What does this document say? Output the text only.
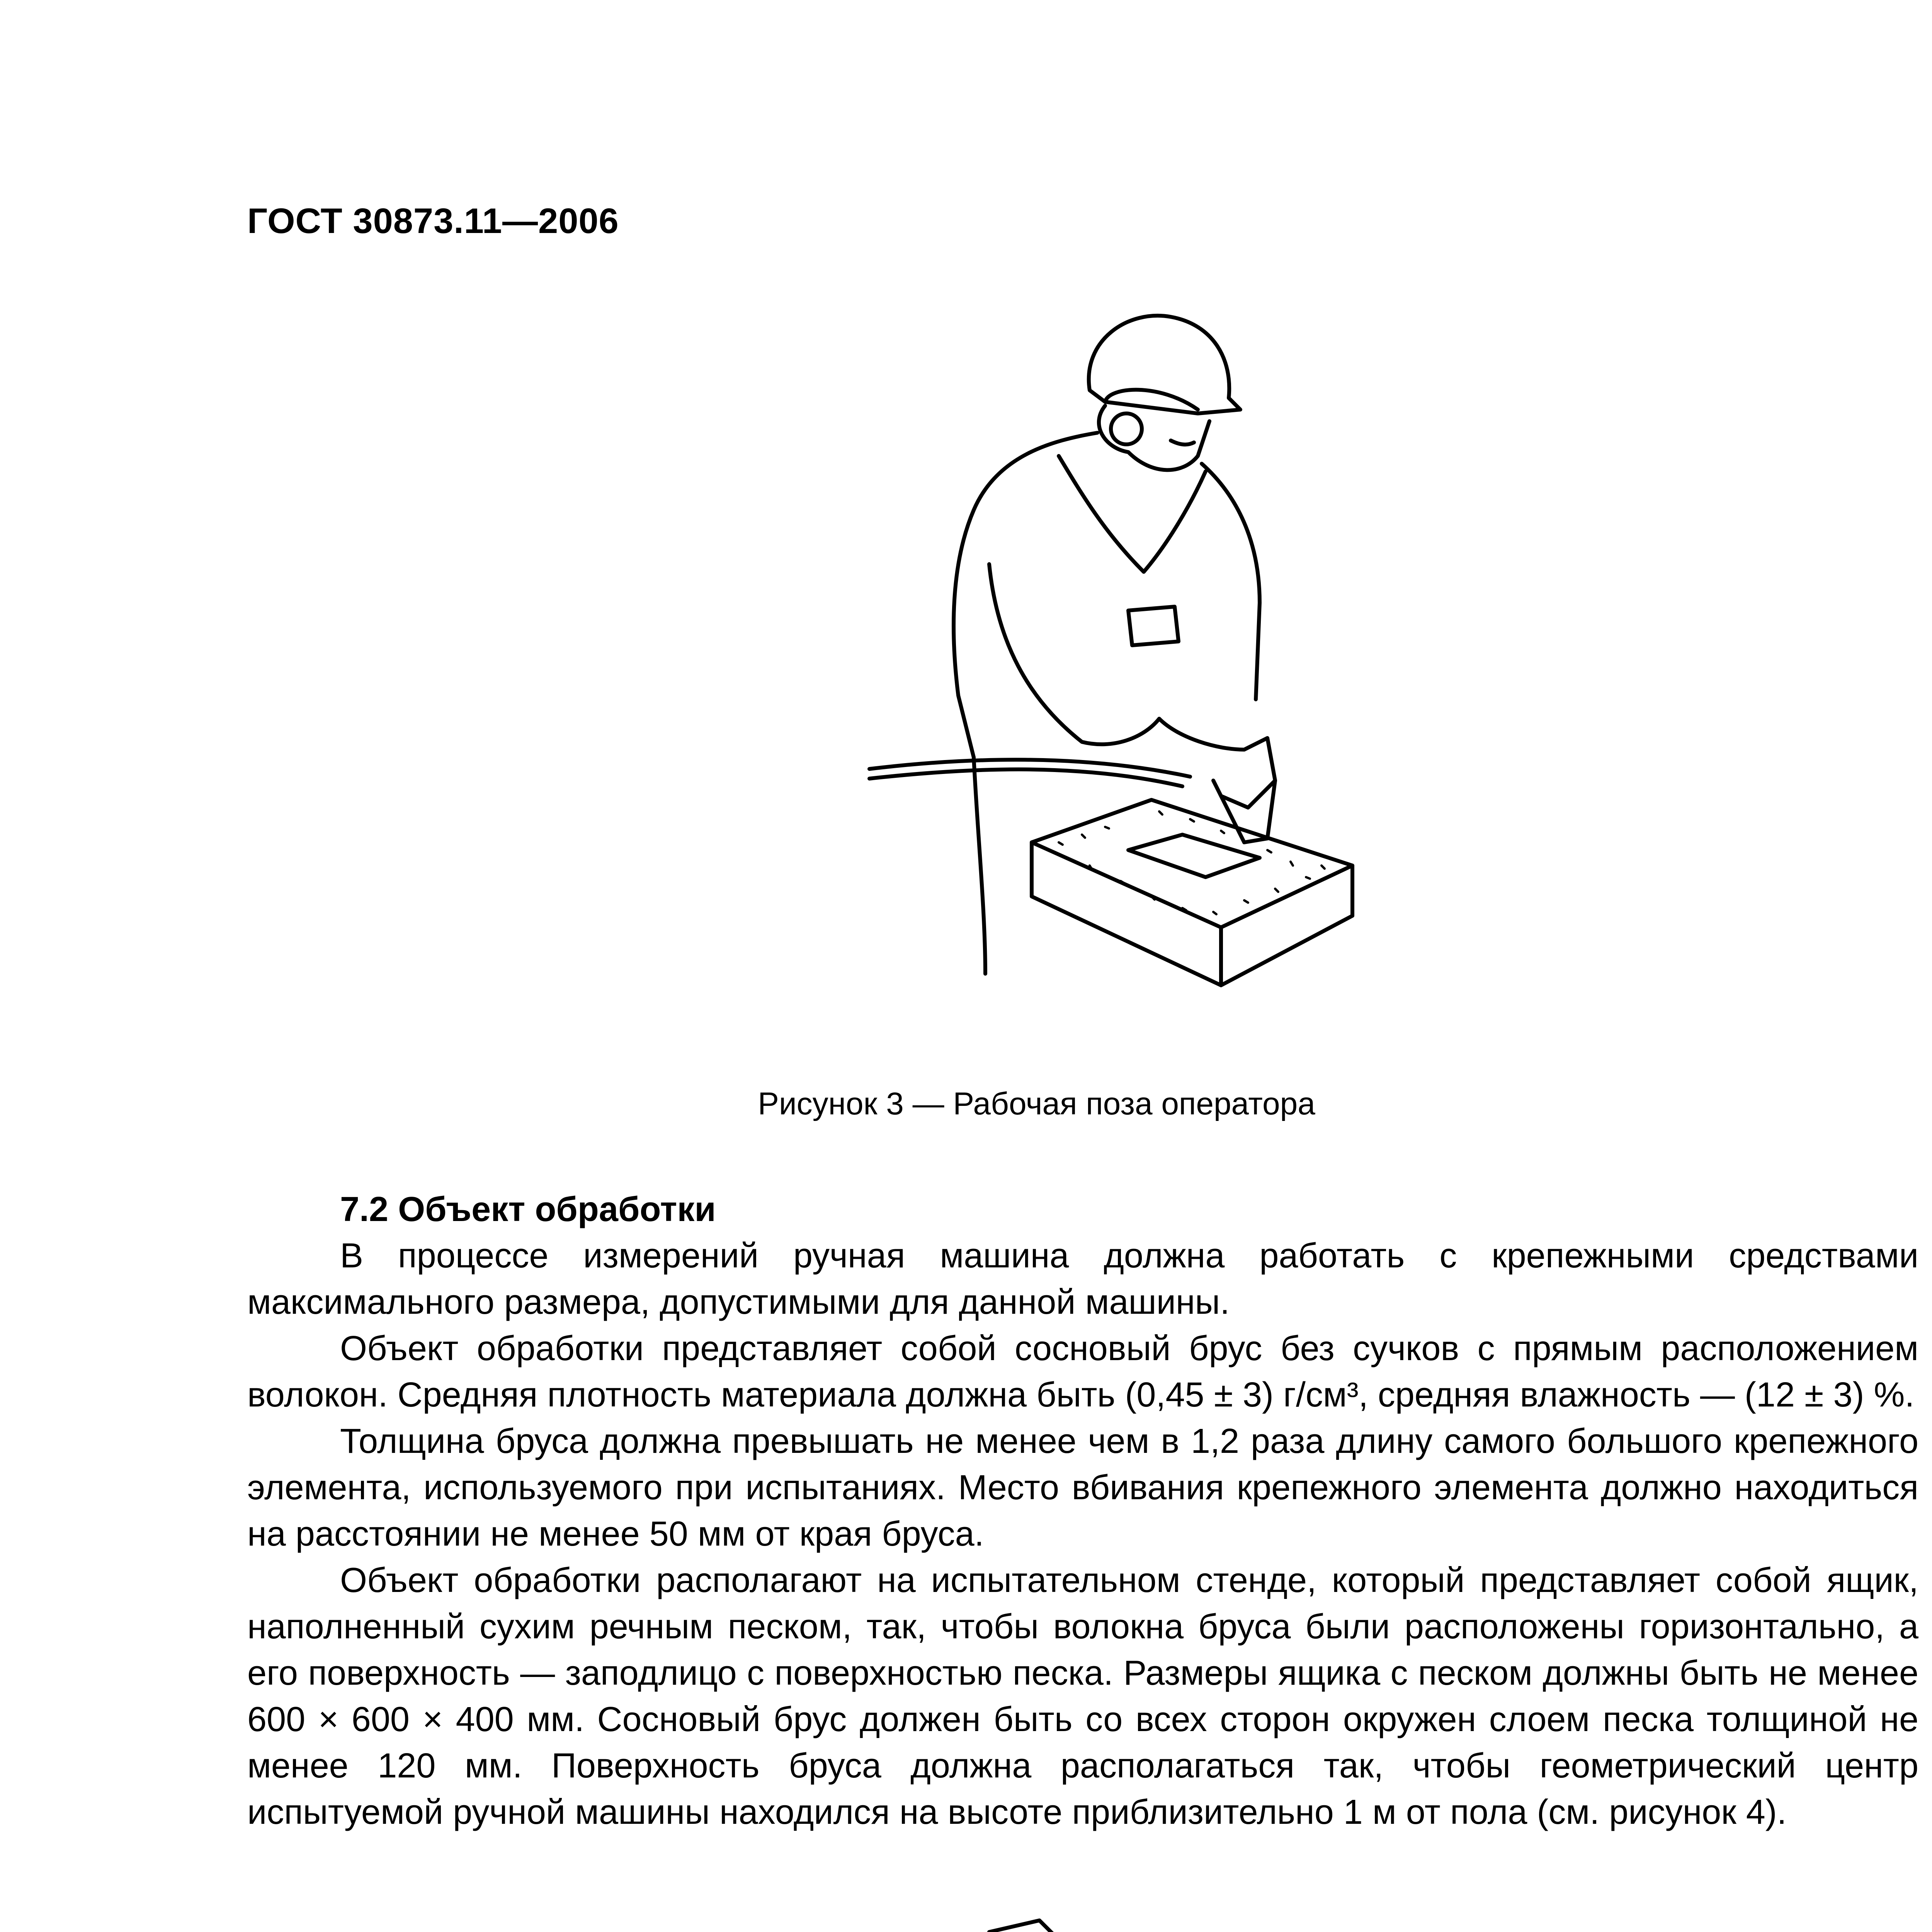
ГОСТ 30873.11—2006
Рисунок 3 — Рабочая поза оператора
7.2 Объект обработки

В процессе измерений ручная машина должна работать с крепежными средствами максимального размера, допустимыми для данной машины.

Объект обработки представляет собой сосновый брус без сучков с прямым расположением волокон. Средняя плотность материала должна быть (0,45 ± 3) г/см³, средняя влажность — (12 ± 3) %.

Толщина бруса должна превышать не менее чем в 1,2 раза длину самого большого крепежного элемента, используемого при испытаниях. Место вбивания крепежного элемента должно находиться на расстоянии не менее 50 мм от края бруса.

Объект обработки располагают на испытательном стенде, который представляет собой ящик, наполненный сухим речным песком, так, чтобы волокна бруса были расположены горизонтально, а его поверхность — заподлицо с поверхностью песка. Размеры ящика с песком должны быть не менее 600 × 600 × 400 мм. Сосновый брус должен быть со всех сторон окружен слоем песка толщиной не менее 120 мм. Поверхность бруса должна располагаться так, чтобы геометрический центр испытуемой ручной машины находился на высоте приблизительно 1 м от пола (см. рисунок 4).
